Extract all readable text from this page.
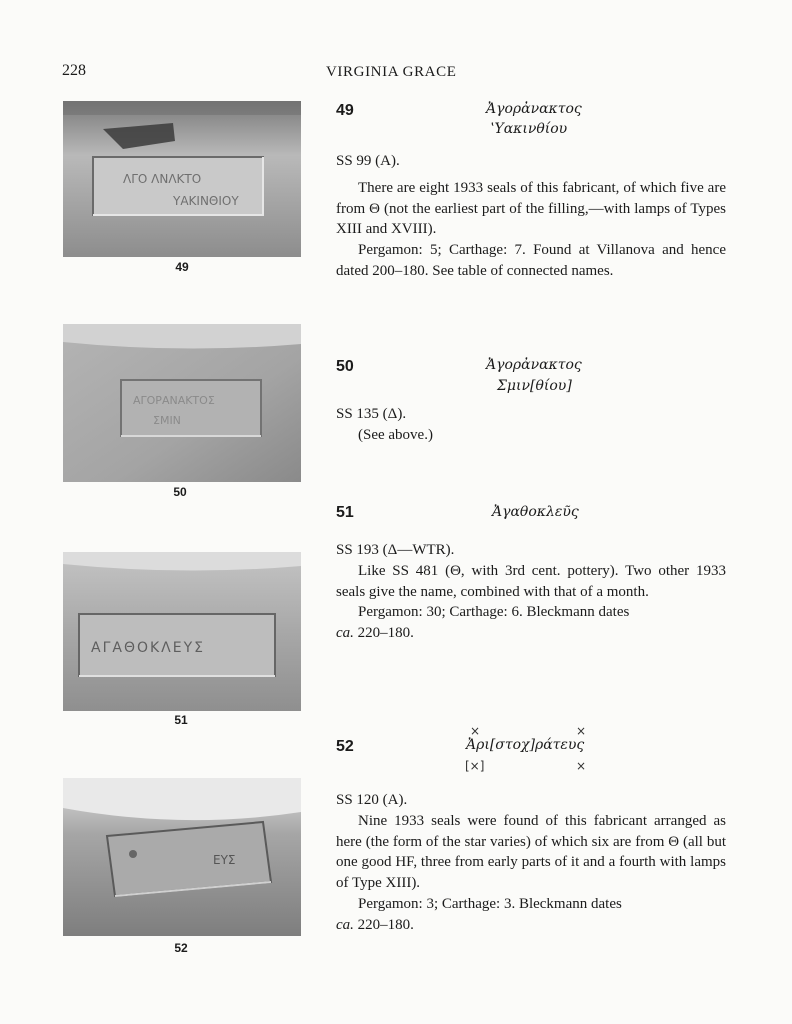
228	VIRGINIA GRACE
ΛΓΟ ΛΝΛΚΤΟ
ΥΑΚΙΝΘΙΟΥ
49
ΑΓΟΡΑΝΑΚΤΟΣ
ΣΜΙΝ
50
ΑΓΑΘΟΚΛΕΥΣ
51
ΕΥΣ
52
49	Ἀγορἀνακτος
ʽΥακινθίου

SS 99 (Α).

There are eight 1933 seals of this fabricant, of which five are from Θ (not the earliest part of the filling,—with lamps of Types XIII and XVIII).

Pergamon: 5; Carthage: 7. Found at Villanova and hence dated 200–180. See table of connected names.

50	Ἀγορἀνακτος
Σμιν[θίου]

SS 135 (Δ).

(See above.)

51	Ἀγαθοκλεῦς

SS 193 (Δ—WTR).

Like SS 481 (Θ, with 3rd cent. pottery). Two other 1933 seals give the name, combined with that of a month.

Pergamon: 30; Carthage: 6. Bleckmann dates
ca. 220–180.

×	×
52	Ἀρι[στοχ]ράτευς
[×]	×

SS 120 (Α).

Nine 1933 seals were found of this fabricant arranged as here (the form of the star varies) of which six are from Θ (all but one good HF, three from early parts of it and a fourth with lamps of Type XIII).

Pergamon: 3; Carthage: 3. Bleckmann dates
ca. 220–180.
